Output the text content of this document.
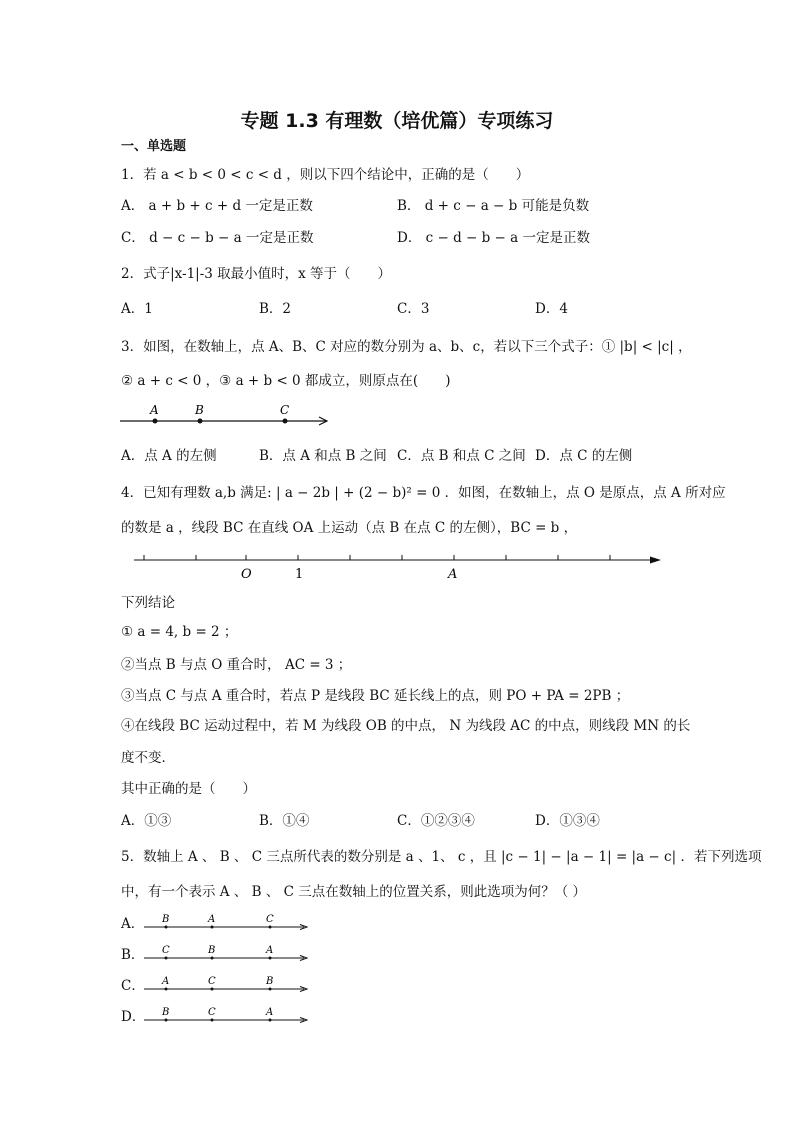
专题 1.3 有理数（培优篇）专项练习
一、单选题
1．若 a < b < 0 < c < d ，则以下四个结论中，正确的是（　　）
A． a + b + c + d 一定是正数	B． d + c − a − b 可能是负数
C． d − c − b − a 一定是正数	D． c − d − b − a 一定是正数
2．式子|x-1|-3 取最小值时，x 等于（　　）
A．1	B．2	C．3	D．4
3．如图，在数轴上，点 A、B、C 对应的数分别为 a、b、c，若以下三个式子：① |b| < |c| ，
② a + c < 0 ，③ a + b < 0 都成立，则原点在(　　)
A	B	C
A．点 A 的左侧	B．点 A 和点 B 之间 C．点 B 和点 C 之间 D．点 C 的左侧
4．已知有理数 a,b 满足: | a − 2b | + (2 − b)² = 0 ．如图，在数轴上，点 O 是原点，点 A 所对应
的数是 a ，线段 BC 在直线 OA 上运动（点 B 在点 C 的左侧），BC = b ，
O	1	A
下列结论
① a = 4, b = 2 ；
②当点 B 与点 O 重合时， AC = 3 ；
③当点 C 与点 A 重合时，若点 P 是线段 BC 延长线上的点，则 PO + PA = 2PB ；
④在线段 BC 运动过程中，若 M 为线段 OB 的中点， N 为线段 AC 的中点，则线段 MN 的长
度不变．
其中正确的是（　　）
A．①③	B．①④	C．①②③④	D．①③④
5．数轴上 A 、 B 、 C 三点所代表的数分别是 a 、1、 c ，且 |c − 1| − |a − 1| = |a − c| ．若下列选项
中，有一个表示 A 、 B 、 C 三点在数轴上的位置关系，则此选项为何？（ ）
A． B	A	C
B． C	B	A
C． A	C	B
D． B	C	A
